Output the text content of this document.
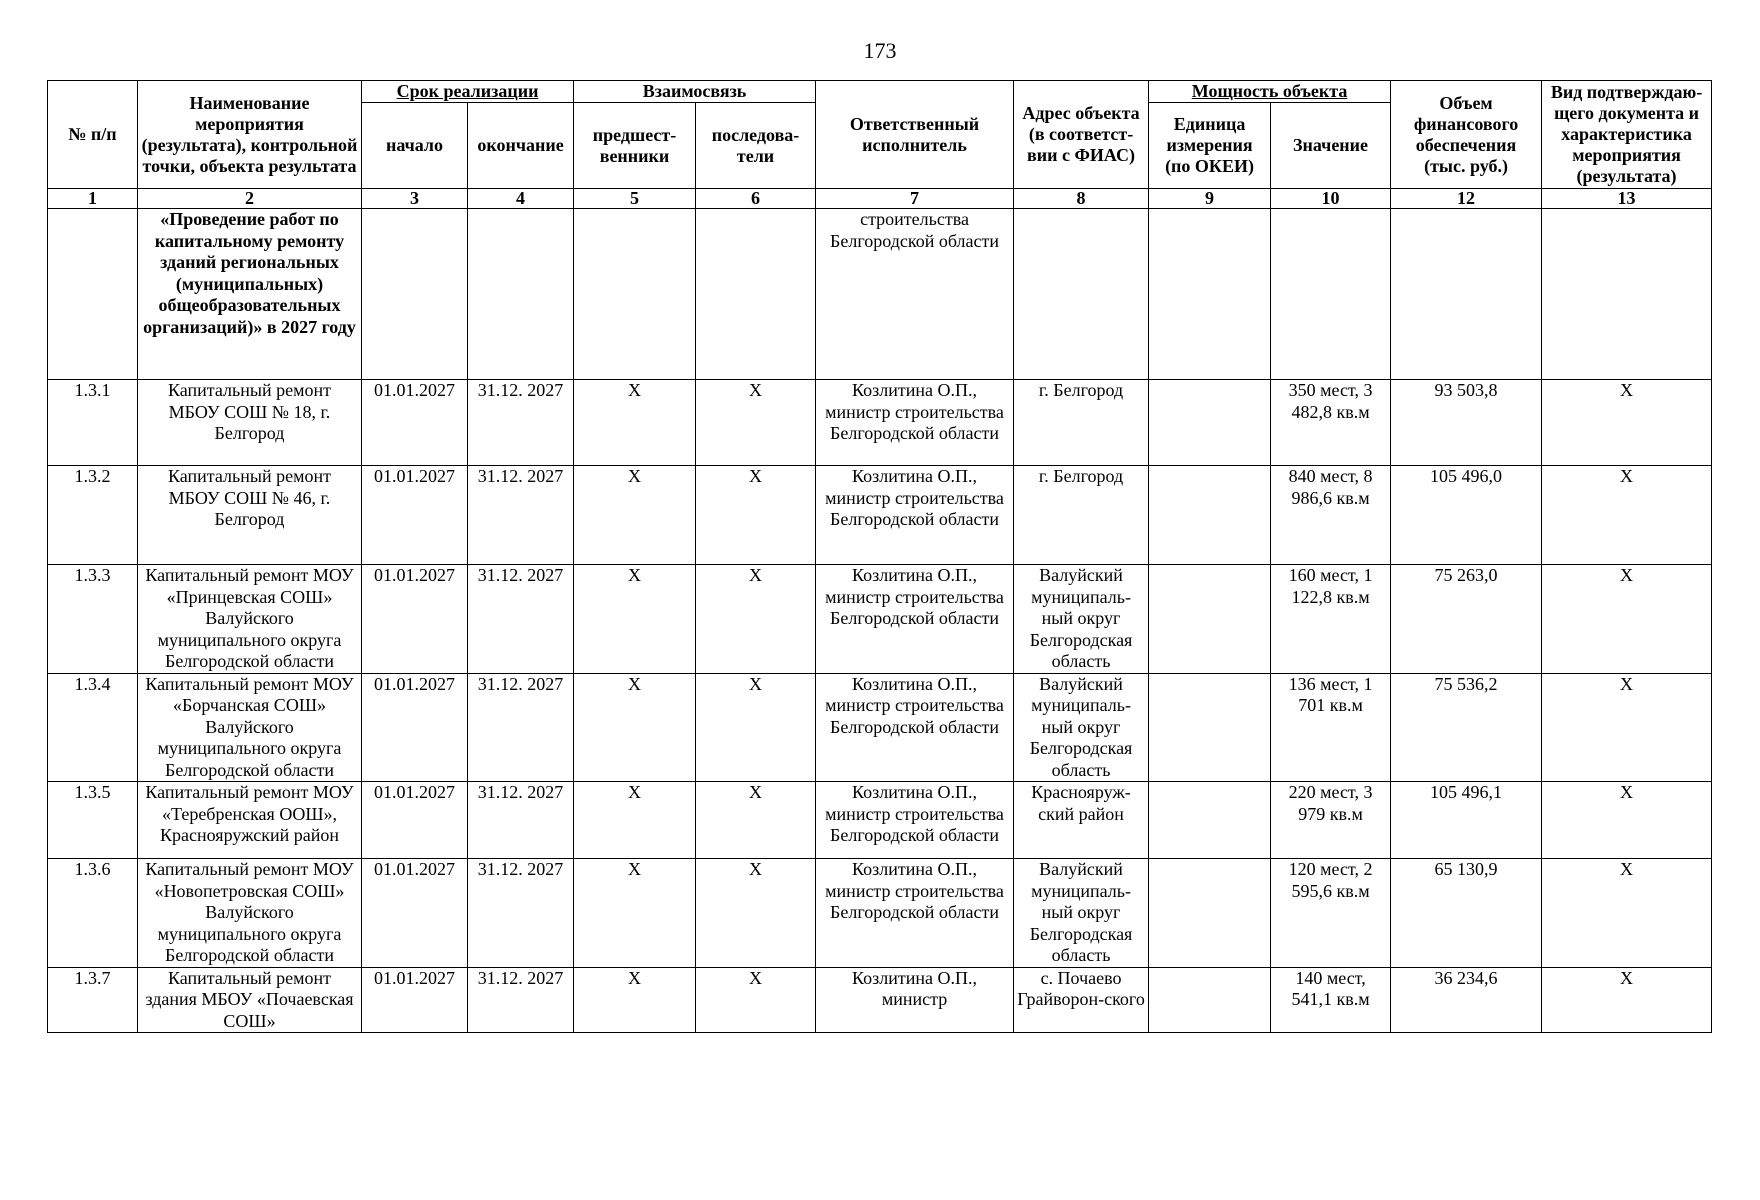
173
№ п/п	Наименование мероприятия (результата), контрольной точки, объекта результата	Срок реализации		Взаимосвязь		Ответственный исполнитель	Адрес объекта (в соответст-вии с ФИАС)	Мощность объекта		Объем финансового обеспечения (тыс. руб.)	Вид подтверждаю-щего документа и характеристика мероприятия (результата)
		начало	окончание	предшест-венники	последова-тели			Единица измерения (по ОКЕИ)	Значение		
1	2	3	4	5	6	7	8	9	10	12	13
	«Проведение работ по капитальному ремонту зданий региональных (муниципальных) общеобразовательных организаций)» в 2027 году					строительства Белгородской области					
1.3.1	Капитальный ремонт МБОУ СОШ № 18, г. Белгород	01.01.2027	31.12. 2027	Х	Х	Козлитина О.П., министр строительства Белгородской области	г. Белгород		350 мест, 3 482,8 кв.м	93 503,8	Х
1.3.2	Капитальный ремонт МБОУ СОШ № 46, г. Белгород	01.01.2027	31.12. 2027	Х	Х	Козлитина О.П., министр строительства Белгородской области	г. Белгород		840 мест, 8 986,6 кв.м	105 496,0	Х
1.3.3	Капитальный ремонт МОУ «Принцевская СОШ» Валуйского муниципального округа Белгородской области	01.01.2027	31.12. 2027	Х	Х	Козлитина О.П., министр строительства Белгородской области	Валуйский муниципаль-ный округ Белгородская область		160 мест, 1 122,8 кв.м	75 263,0	Х
1.3.4	Капитальный ремонт МОУ «Борчанская СОШ» Валуйского муниципального округа Белгородской области	01.01.2027	31.12. 2027	Х	Х	Козлитина О.П., министр строительства Белгородской области	Валуйский муниципаль-ный округ Белгородская область		136 мест, 1 701 кв.м	75 536,2	Х
1.3.5	Капитальный ремонт МОУ «Теребренская ООШ», Краснояружский район	01.01.2027	31.12. 2027	Х	Х	Козлитина О.П., министр строительства Белгородской области	Краснояруж-ский район		220 мест, 3 979 кв.м	105 496,1	Х
1.3.6	Капитальный ремонт МОУ «Новопетровская СОШ» Валуйского муниципального округа Белгородской области	01.01.2027	31.12. 2027	Х	Х	Козлитина О.П., министр строительства Белгородской области	Валуйский муниципаль-ный округ Белгородская область		120 мест, 2 595,6 кв.м	65 130,9	Х
1.3.7	Капитальный ремонт здания МБОУ «Почаевская СОШ»	01.01.2027	31.12. 2027	Х	Х	Козлитина О.П., министр	с. Почаево Грайворон-ского		140 мест, 541,1 кв.м	36 234,6	Х
